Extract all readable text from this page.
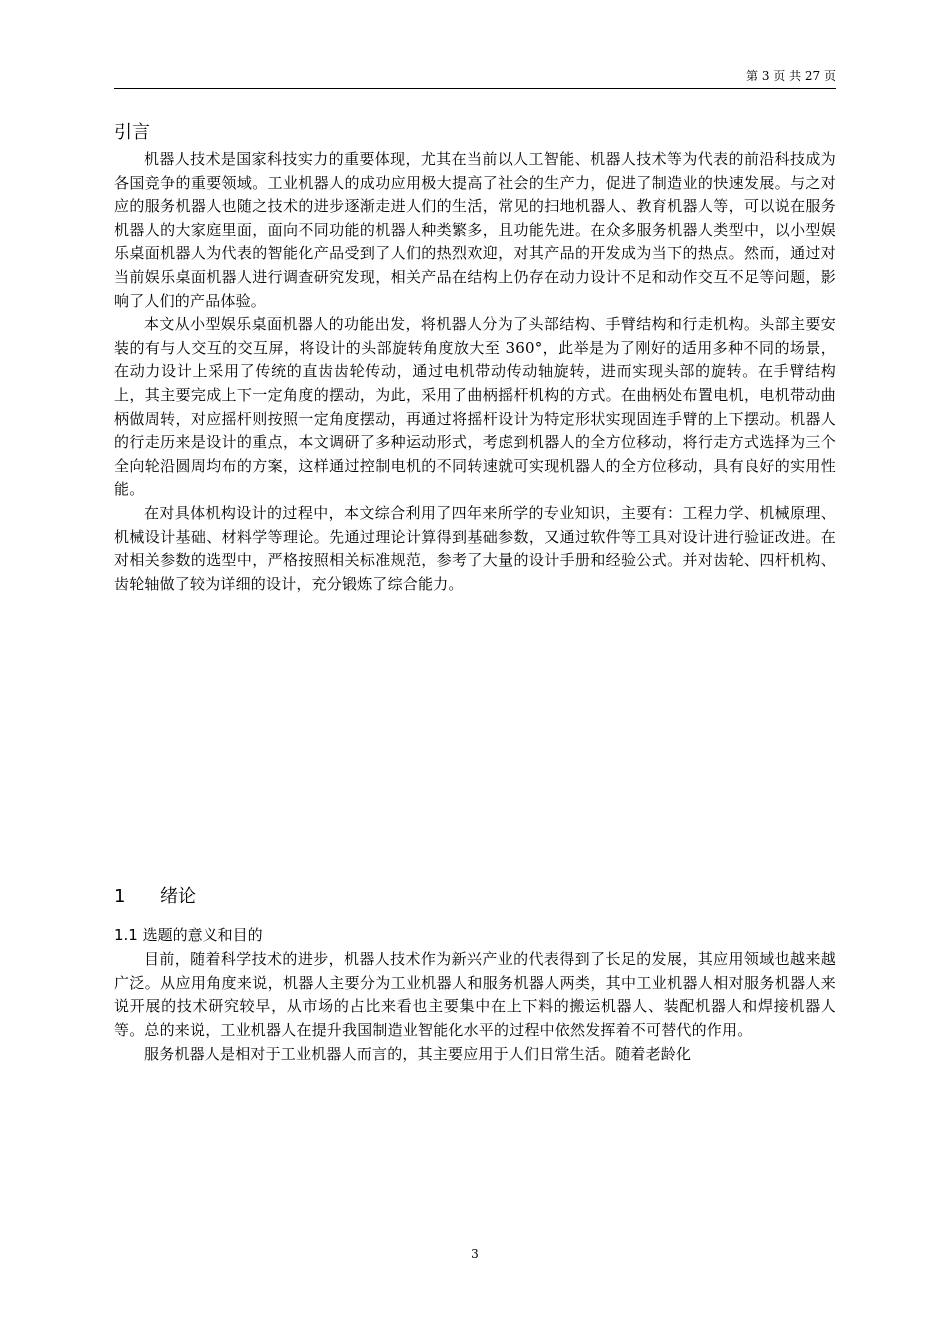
第 3 页 共 27 页
引言

机器人技术是国家科技实力的重要体现，尤其在当前以人工智能、机器人技术等为代表的前沿科技成为各国竞争的重要领域。工业机器人的成功应用极大提高了社会的生产力，促进了制造业的快速发展。与之对应的服务机器人也随之技术的进步逐渐走进人们的生活，常见的扫地机器人、教育机器人等，可以说在服务机器人的大家庭里面，面向不同功能的机器人种类繁多，且功能先进。在众多服务机器人类型中，以小型娱乐桌面机器人为代表的智能化产品受到了人们的热烈欢迎，对其产品的开发成为当下的热点。然而，通过对当前娱乐桌面机器人进行调查研究发现，相关产品在结构上仍存在动力设计不足和动作交互不足等问题，影响了人们的产品体验。

本文从小型娱乐桌面机器人的功能出发，将机器人分为了头部结构、手臂结构和行走机构。头部主要安装的有与人交互的交互屏，将设计的头部旋转角度放大至 360°，此举是为了刚好的适用多种不同的场景，在动力设计上采用了传统的直齿齿轮传动，通过电机带动传动轴旋转，进而实现头部的旋转。在手臂结构上，其主要完成上下一定角度的摆动，为此，采用了曲柄摇杆机构的方式。在曲柄处布置电机，电机带动曲柄做周转，对应摇杆则按照一定角度摆动，再通过将摇杆设计为特定形状实现固连手臂的上下摆动。机器人的行走历来是设计的重点，本文调研了多种运动形式，考虑到机器人的全方位移动，将行走方式选择为三个全向轮沿圆周均布的方案，这样通过控制电机的不同转速就可实现机器人的全方位移动，具有良好的实用性能。

在对具体机构设计的过程中，本文综合利用了四年来所学的专业知识，主要有：工程力学、机械原理、机械设计基础、材料学等理论。先通过理论计算得到基础参数，又通过软件等工具对设计进行验证改进。在对相关参数的选型中，严格按照相关标准规范，参考了大量的设计手册和经验公式。并对齿轮、四杆机构、齿轮轴做了较为详细的设计，充分锻炼了综合能力。

1	绪论
1.1 选题的意义和目的

目前，随着科学技术的进步，机器人技术作为新兴产业的代表得到了长足的发展，其应用领域也越来越广泛。从应用角度来说，机器人主要分为工业机器人和服务机器人两类，其中工业机器人相对服务机器人来说开展的技术研究较早，从市场的占比来看也主要集中在上下料的搬运机器人、装配机器人和焊接机器人等。总的来说，工业机器人在提升我国制造业智能化水平的过程中依然发挥着不可替代的作用。

服务机器人是相对于工业机器人而言的，其主要应用于人们日常生活。随着老龄化

3
